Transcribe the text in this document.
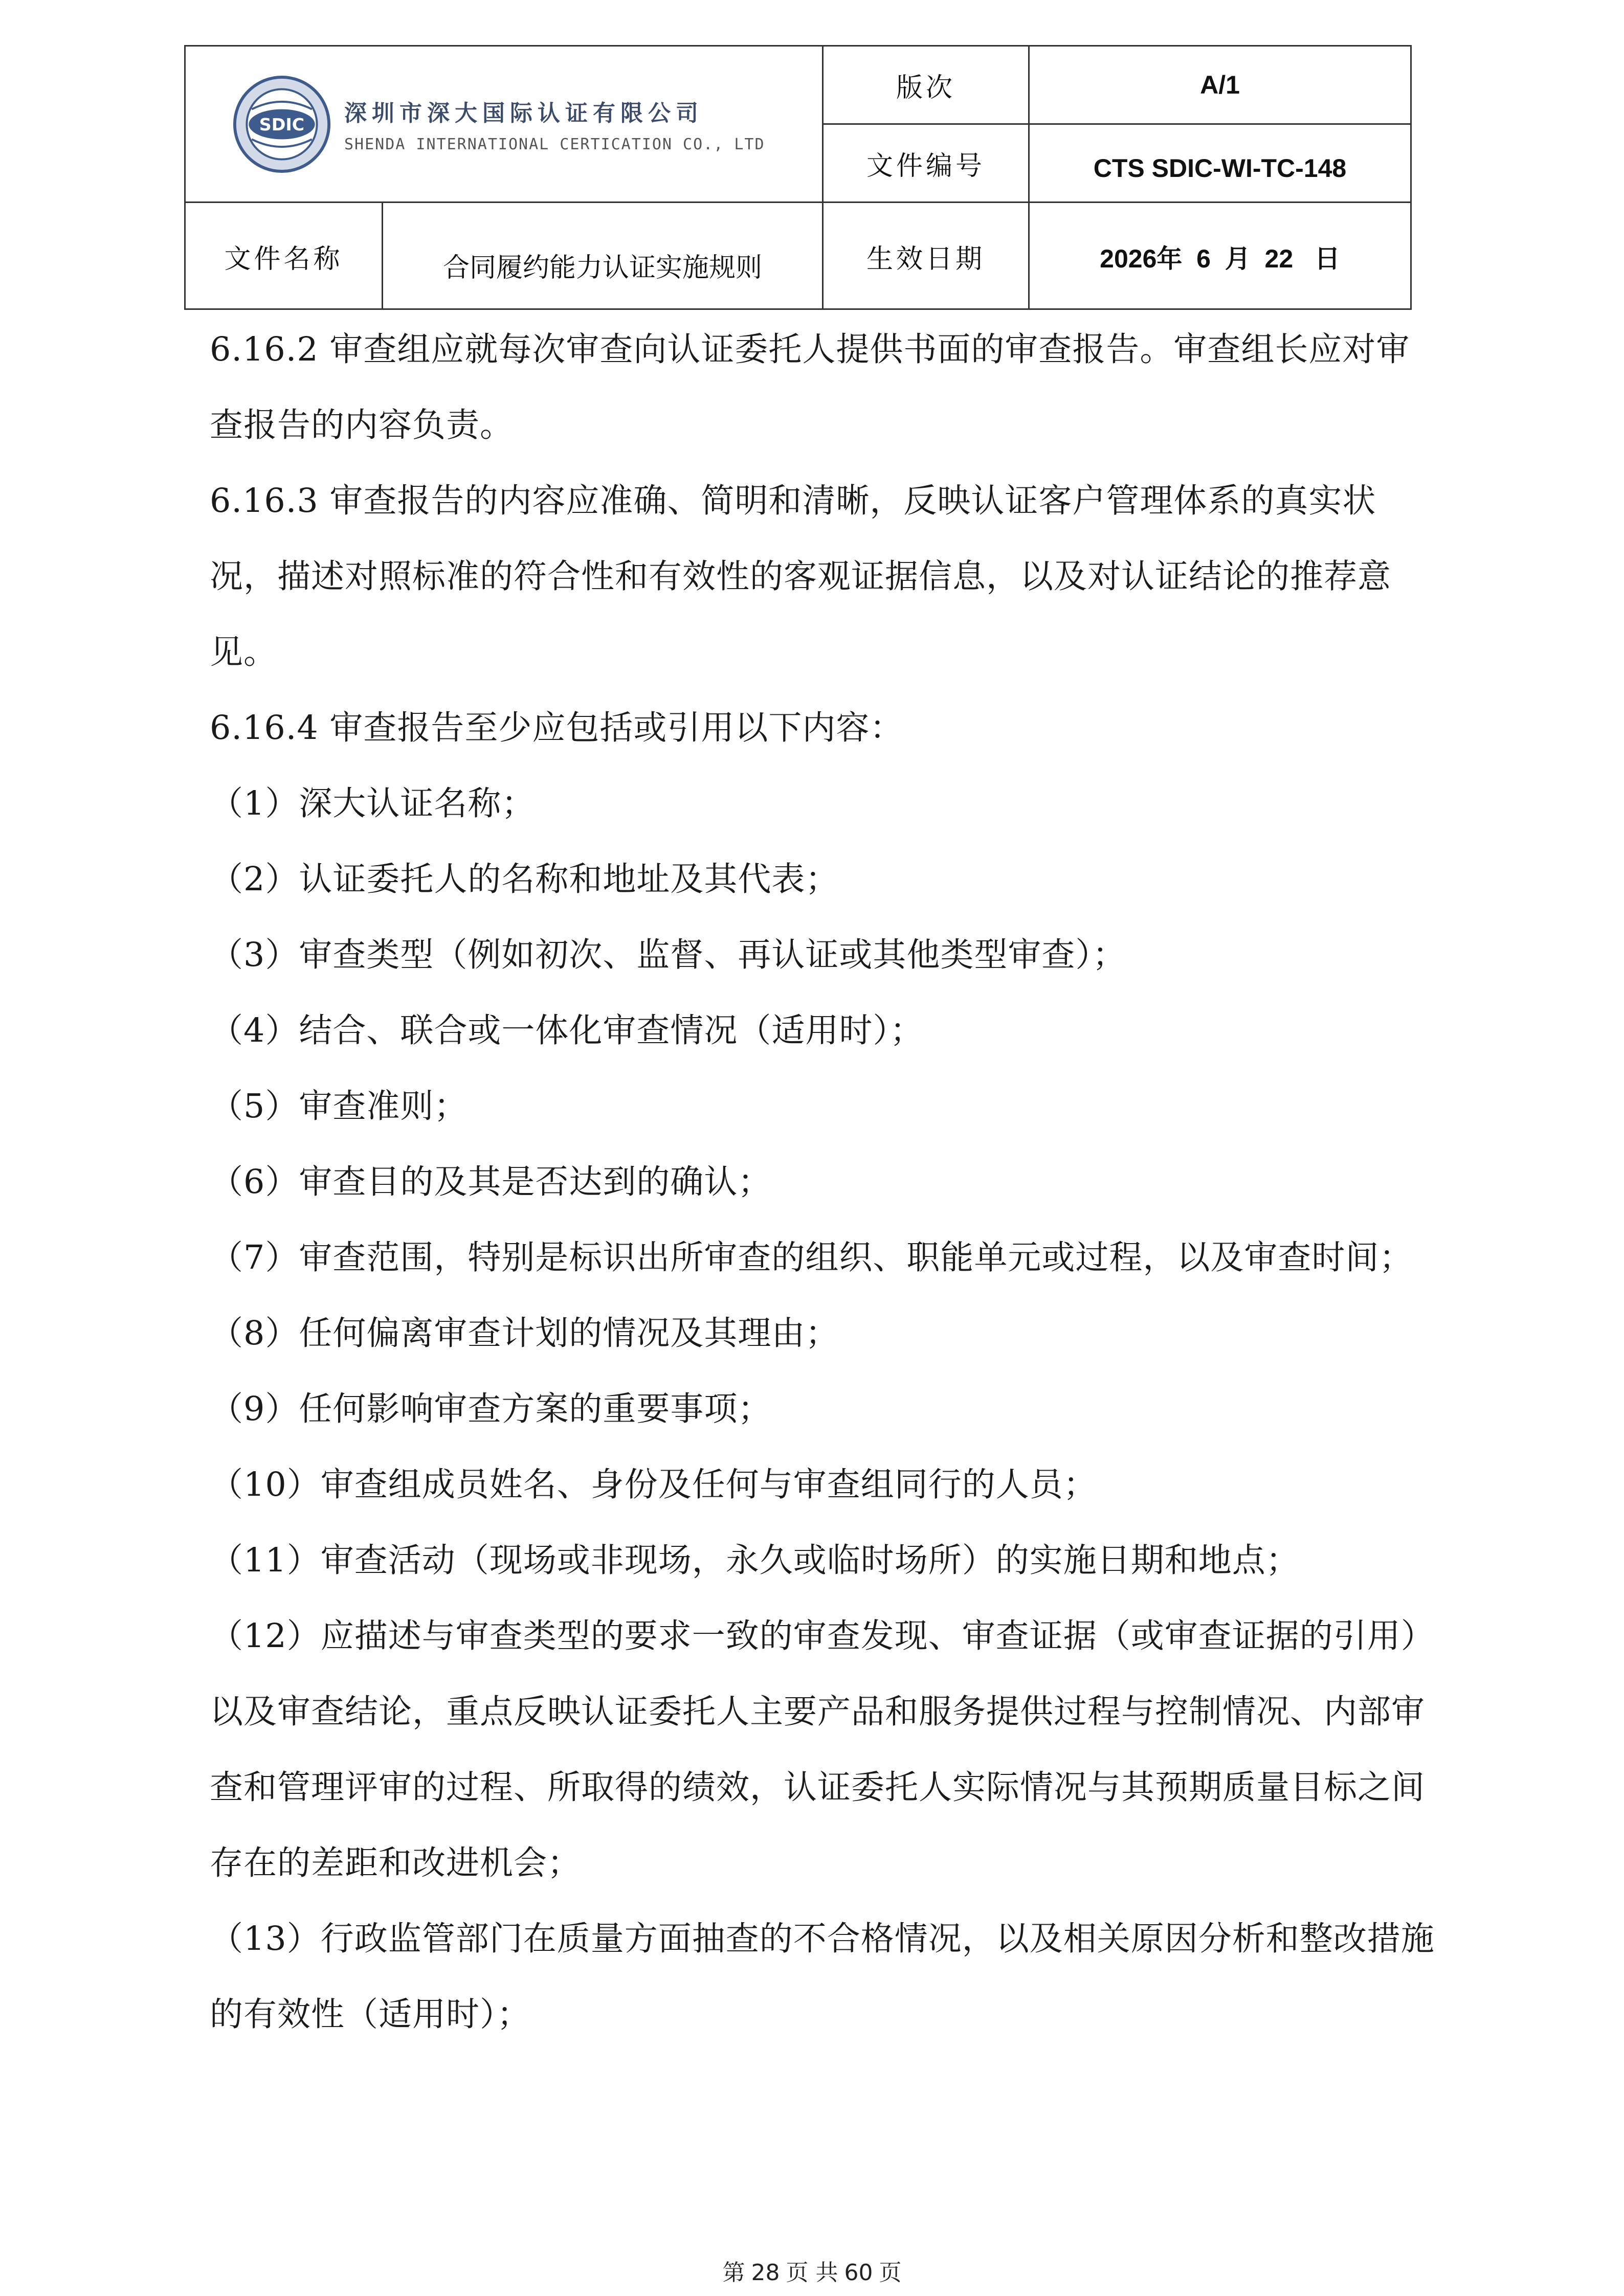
SDIC 深圳市深大国际认证有限公司
SHENDA INTERNATIONAL CERTICATION CO., LTD
版次	A/1
文件编号	CTS SDIC-WI-TC-148
文件名称	合同履约能力认证实施规则	生效日期	2026年  6  月  22   日

6.16.2 审查组应就每次审查向认证委托人提供书面的审查报告。审查组长应对审查报告的内容负责。

6.16.3 审查报告的内容应准确、简明和清晰，反映认证客户管理体系的真实状况，描述对照标准的符合性和有效性的客观证据信息，以及对认证结论的推荐意见。

6.16.4 审查报告至少应包括或引用以下内容：

（1）深大认证名称；

（2）认证委托人的名称和地址及其代表；

（3）审查类型（例如初次、监督、再认证或其他类型审查）；

（4）结合、联合或一体化审查情况（适用时）；

（5）审查准则；

（6）审查目的及其是否达到的确认；

（7）审查范围，特别是标识出所审查的组织、职能单元或过程，以及审查时间；

（8）任何偏离审查计划的情况及其理由；

（9）任何影响审查方案的重要事项；

（10）审查组成员姓名、身份及任何与审查组同行的人员；

（11）审查活动（现场或非现场，永久或临时场所）的实施日期和地点；

（12）应描述与审查类型的要求一致的审查发现、审查证据（或审查证据的引用）以及审查结论，重点反映认证委托人主要产品和服务提供过程与控制情况、内部审查和管理评审的过程、所取得的绩效，认证委托人实际情况与其预期质量目标之间存在的差距和改进机会；

（13）行政监管部门在质量方面抽查的不合格情况，以及相关原因分析和整改措施的有效性（适用时）；

第 28 页 共 60 页
